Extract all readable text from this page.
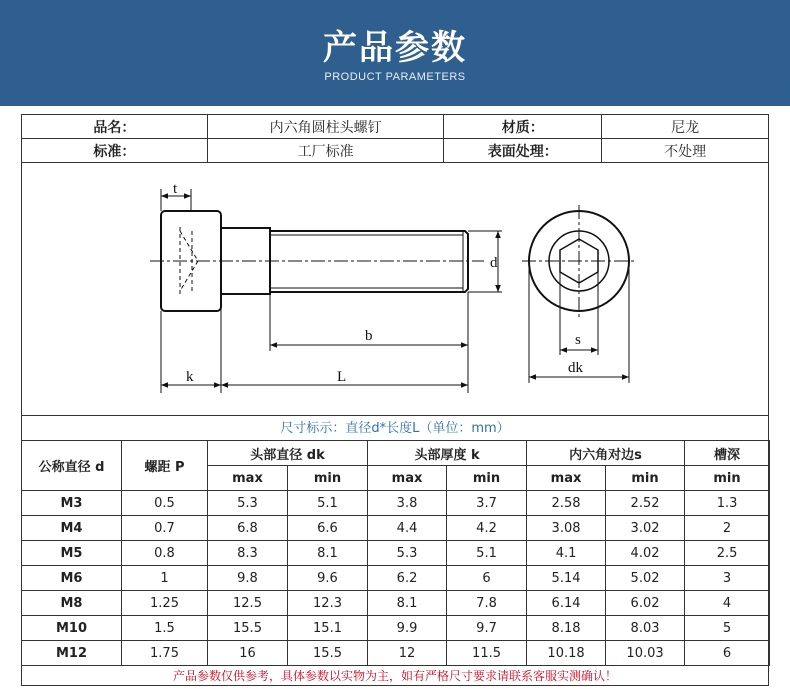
产品参数
PRODUCT PARAMETERS
品名：	内六角圆柱头螺钉	材质：	尼龙
标准：	工厂标准	表面处理：	不处理
t
d
b
k	L
s
dk
尺寸标示：直径d*长度L（单位：mm）
公称直径 d	螺距 P	头部直径 dk		头部厚度 k		内六角对边s		槽深
		max	min	max	min	max	min	min
M3	0.5	5.3	5.1	3.8	3.7	2.58	2.52	1.3
M4	0.7	6.8	6.6	4.4	4.2	3.08	3.02	2
M5	0.8	8.3	8.1	5.3	5.1	4.1	4.02	2.5
M6	1	9.8	9.6	6.2	6	5.14	5.02	3
M8	1.25	12.5	12.3	8.1	7.8	6.14	6.02	4
M10	1.5	15.5	15.1	9.9	9.7	8.18	8.03	5
M12	1.75	16	15.5	12	11.5	10.18	10.03	6
产品参数仅供参考，具体参数以实物为主，如有严格尺寸要求请联系客服实测确认！
